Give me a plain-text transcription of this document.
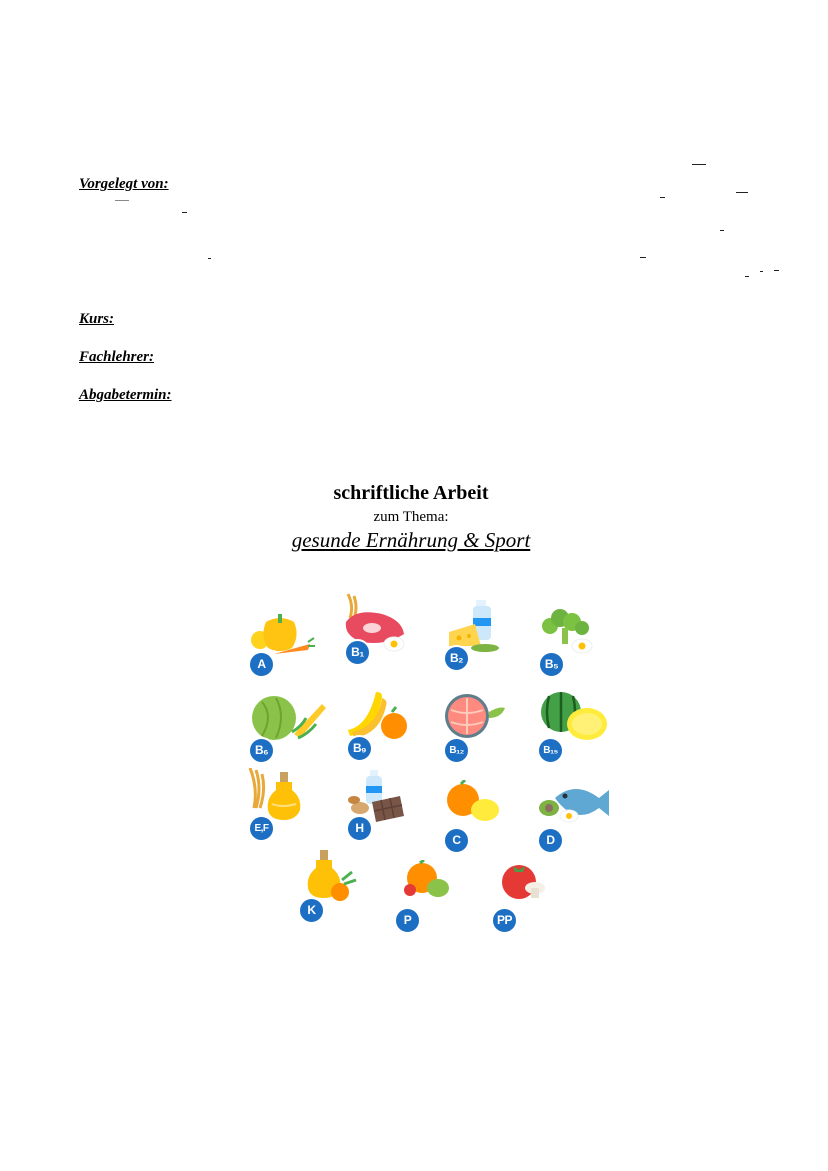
Vorgelegt von:
Kurs:
Fachlehrer:
Abgabetermin:
schriftliche Arbeit
zum Thema:
gesunde Ernährung & Sport
A
B₁	B₂	B₅
B₆	B₉	B₁₂	B₁₅
E,F	H
C	D
K
P	PP
